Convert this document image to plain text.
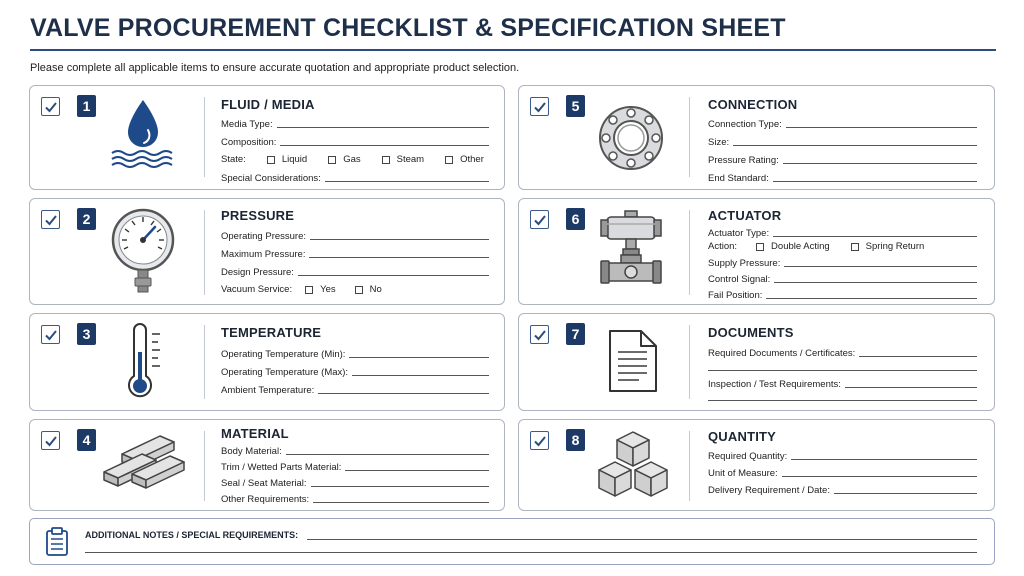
VALVE PROCUREMENT CHECKLIST & SPECIFICATION SHEET
Please complete all applicable items to ensure accurate quotation and appropriate product selection.
1	FLUID / MEDIA
Media Type:
Composition:
State:	Liquid	Gas	Steam	Other
Special Considerations:
2	PRESSURE
Operating Pressure:
Maximum Pressure:
Design Pressure:
Vacuum Service:	Yes	No
3	TEMPERATURE
Operating Temperature (Min):
Operating Temperature (Max):
Ambient Temperature:
4	MATERIAL
Body Material:
Trim / Wetted Parts Material:
Seal / Seat Material:
Other Requirements:
5	CONNECTION
Connection Type:
Size:
Pressure Rating:
End Standard:
6	ACTUATOR
Actuator Type:
Action:	Double Acting	Spring Return
Supply Pressure:
Control Signal:
Fail Position:
7	DOCUMENTS
Required Documents / Certificates:
Inspection / Test Requirements:
8	QUANTITY
Required Quantity:
Unit of Measure:
Delivery Requirement / Date:
ADDITIONAL NOTES / SPECIAL REQUIREMENTS:
